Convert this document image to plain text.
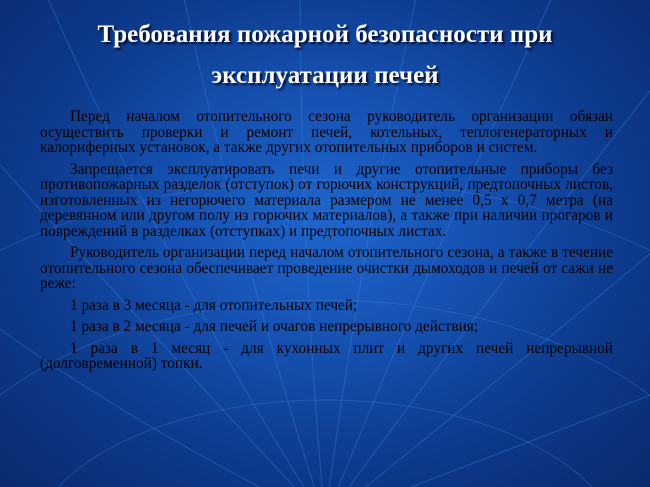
Требования пожарной безопасности при
эксплуатации печей

Перед началом отопительного сезона руководитель организации обязан осуществить проверки и ремонт печей, котельных, теплогенераторных и калориферных установок, а также других отопительных приборов и систем.

Запрещается эксплуатировать печи и другие отопительные приборы без противопожарных разделок (отступок) от горючих конструкций, предтопочных листов, изготовленных из негорючего материала размером не менее 0,5 х 0,7 метра (на деревянном или другом полу из горючих материалов), а также при наличии прогаров и повреждений в разделках (отступках) и предтопочных листах.

Руководитель организации перед началом отопительного сезона, а также в течение отопительного сезона обеспечивает проведение очистки дымоходов и печей от сажи не реже:

1 раза в 3 месяца - для отопительных печей;

1 раза в 2 месяца - для печей и очагов непрерывного действия;

1 раза в 1 месяц - для кухонных плит и других печей непрерывной (долговременной) топки.
